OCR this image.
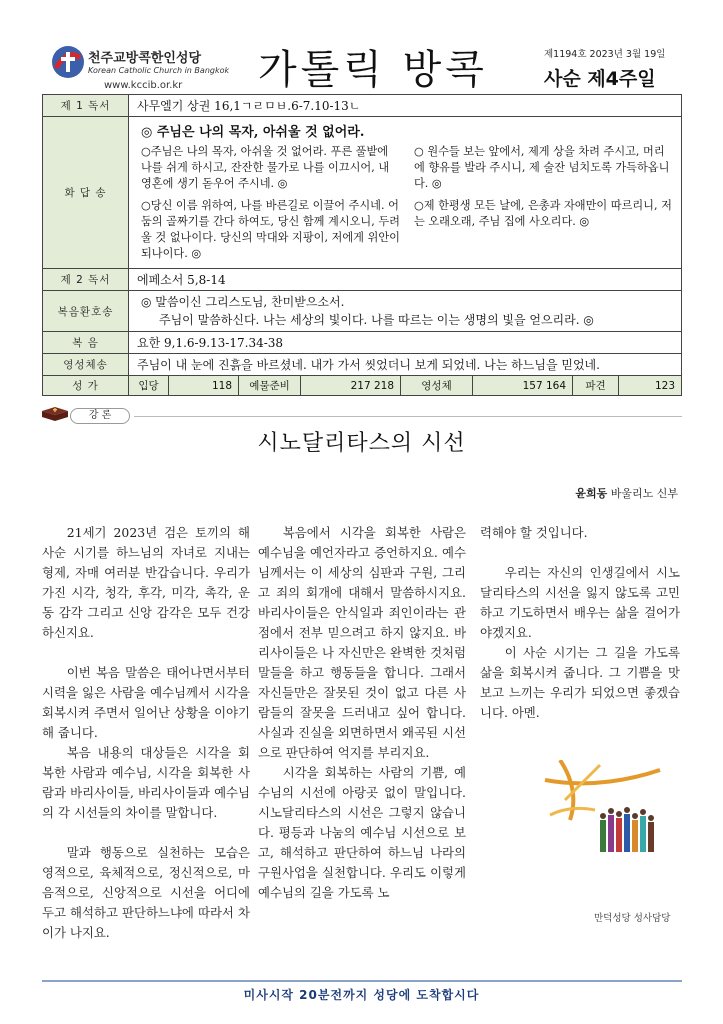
천주교방콕한인성당
Korean Catholic Church in Bangkok
www.kccib.or.kr 가톨릭 방콕	제1194호 2023년 3월 19일
사순 제4주일
제 1 독서	사무엘기 상권 16,1ㄱㄹㅁㅂ.6-7.10-13ㄴ							
화 답 송	◎ 주님은 나의 목자, 아쉬울 것 없어라.
○주님은 나의 목자, 아쉬울 것 없어라. 푸른 풀밭에 나를 쉬게 하시고, 잔잔한 물가로 나를 이끄시어, 내 영혼에 생기 돋우어 주시네. ◎
○ 원수들 보는 앞에서, 제게 상을 차려 주시고, 머리에 향유를 발라 주시니, 제 술잔 넘치도록 가득하옵니다. ◎
○당신 이름 위하여, 나를 바른길로 이끌어 주시네. 어둠의 골짜기를 간다 하여도, 당신 함께 계시오니, 두려울 것 없나이다. 당신의 막대와 지팡이, 저에게 위안이 되나이다. ◎
○제 한평생 모든 날에, 은총과 자애만이 따르리니, 저는 오래오래, 주님 집에 사오리다. ◎							

제 2 독서	에페소서 5,8-14							
복음환호송	◎ 말씀이신 그리스도님, 찬미받으소서.
주님이 말씀하신다. 나는 세상의 빛이다. 나를 따르는 이는 생명의 빛을 얻으리라. ◎							

복 음	요한 9,1.6-9.13-17.34-38							
영성체송	주님이 내 눈에 진흙을 바르셨네. 내가 가서 씻었더니 보게 되었네. 나는 하느님을 믿었네.							
성 가	입당	118	예물준비	217 218	영성체	157 164	파견	123
강 론
시노달리타스의 시선
윤희동 바울리노 신부

21세기 2023년 검은 토끼의 해 사순 시기를 하느님의 자녀로 지내는 형제, 자매 여러분 반갑습니다. 우리가 가진 시각, 청각, 후각, 미각, 촉각, 운동 감각 그리고 신앙 감각은 모두 건강하신지요.

이번 복음 말씀은 태어나면서부터 시력을 잃은 사람을 예수님께서 시각을 회복시켜 주면서 일어난 상황을 이야기해 줍니다.

복음 내용의 대상들은 시각을 회복한 사람과 예수님, 시각을 회복한 사람과 바리사이들, 바리사이들과 예수님의 각 시선들의 차이를 말합니다.

말과 행동으로 실천하는 모습은 영적으로, 육체적으로, 정신적으로, 마음적으로, 신앙적으로 시선을 어디에 두고 해석하고 판단하느냐에 따라서 차이가 나지요.

복음에서 시각을 회복한 사람은 예수님을 예언자라고 증언하지요. 예수님께서는 이 세상의 심판과 구원, 그리고 죄의 회개에 대해서 말씀하시지요. 바리사이들은 안식일과 죄인이라는 관점에서 전부 믿으려고 하지 않지요. 바리사이들은 나 자신만은 완벽한 것처럼 말들을 하고 행동들을 합니다. 그래서 자신들만은 잘못된 것이 없고 다른 사람들의 잘못을 드러내고 싶어 합니다. 사실과 진실을 외면하면서 왜곡된 시선으로 판단하여 억지를 부리지요.

시각을 회복하는 사람의 기쁨, 예수님의 시선에 아랑곳 없이 말입니다. 시노달리타스의 시선은 그렇지 않습니다. 평등과 나눔의 예수님 시선으로 보고, 해석하고 판단하여 하느님 나라의 구원사업을 실천합니다. 우리도 이렇게 예수님의 길을 가도록 노

력해야 할 것입니다.

우리는 자신의 인생길에서 시노달리타스의 시선을 잃지 않도록 고민하고 기도하면서 배우는 삶을 걸어가야겠지요.

이 사순 시기는 그 길을 가도록 삶을 회복시켜 줍니다. 그 기쁨을 맛보고 느끼는 우리가 되었으면 좋겠습니다. 아멘.

만덕성당 성사담당
미사시작 20분전까지 성당에 도착합시다
